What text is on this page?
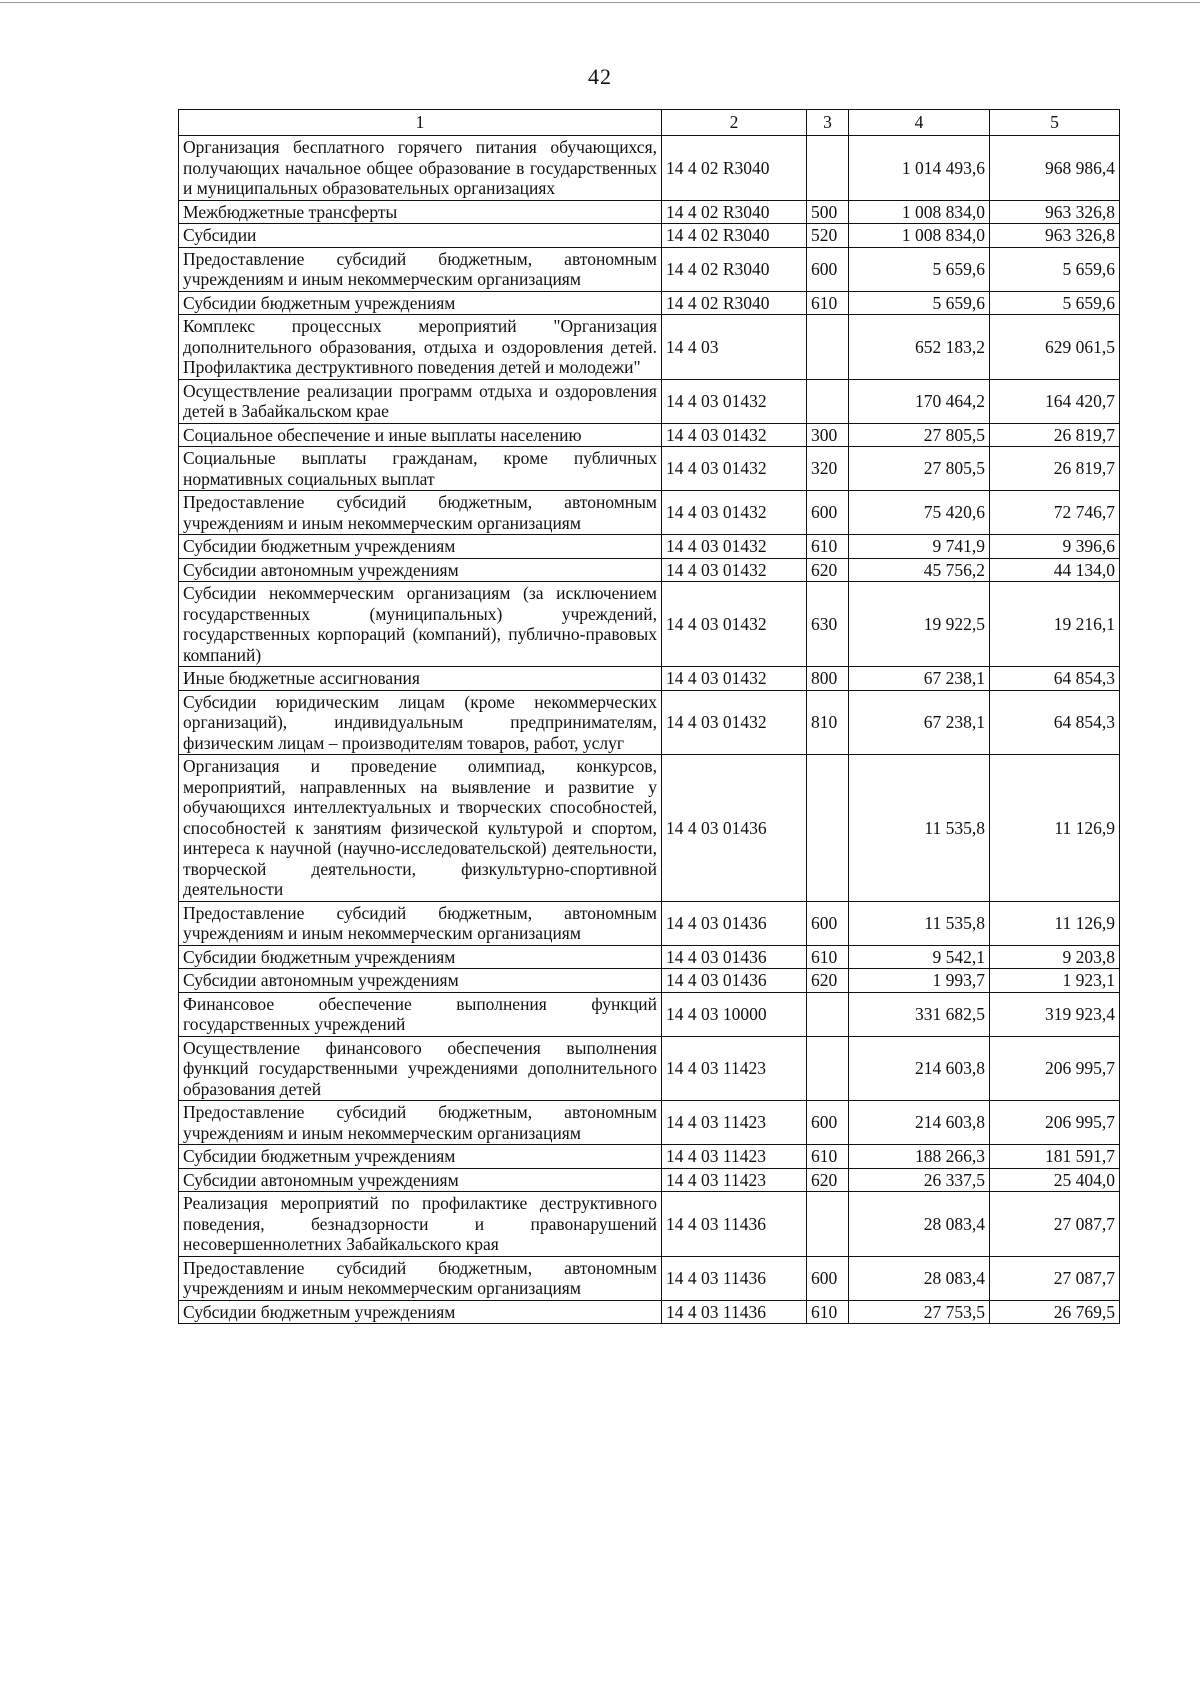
42
1	2	3	4	5
Организация бесплатного горячего питания обучающихся, получающих начальное общее образование в государственных и муниципальных образовательных организациях	14 4 02 R3040		1 014 493,6	968 986,4
Межбюджетные трансферты	14 4 02 R3040	500	1 008 834,0	963 326,8
Субсидии	14 4 02 R3040	520	1 008 834,0	963 326,8
Предоставление субсидий бюджетным, автономным учреждениям и иным некоммерческим организациям	14 4 02 R3040	600	5 659,6	5 659,6
Субсидии бюджетным учреждениям	14 4 02 R3040	610	5 659,6	5 659,6
Комплекс процессных мероприятий "Организация дополнительного образования, отдыха и оздоровления детей. Профилактика деструктивного поведения детей и молодежи"	14 4 03		652 183,2	629 061,5
Осуществление реализации программ отдыха и оздоровления детей в Забайкальском крае	14 4 03 01432		170 464,2	164 420,7
Социальное обеспечение и иные выплаты населению	14 4 03 01432	300	27 805,5	26 819,7
Социальные выплаты гражданам, кроме публичных нормативных социальных выплат	14 4 03 01432	320	27 805,5	26 819,7
Предоставление субсидий бюджетным, автономным учреждениям и иным некоммерческим организациям	14 4 03 01432	600	75 420,6	72 746,7
Субсидии бюджетным учреждениям	14 4 03 01432	610	9 741,9	9 396,6
Субсидии автономным учреждениям	14 4 03 01432	620	45 756,2	44 134,0
Субсидии некоммерческим организациям (за исключением государственных (муниципальных) учреждений, государственных корпораций (компаний), публично-правовых компаний)	14 4 03 01432	630	19 922,5	19 216,1
Иные бюджетные ассигнования	14 4 03 01432	800	67 238,1	64 854,3
Субсидии юридическим лицам (кроме некоммерческих организаций), индивидуальным предпринимателям, физическим лицам – производителям товаров, работ, услуг	14 4 03 01432	810	67 238,1	64 854,3
Организация и проведение олимпиад, конкурсов, мероприятий, направленных на выявление и развитие у обучающихся интеллектуальных и творческих способностей, способностей к занятиям физической культурой и спортом, интереса к научной (научно-исследовательской) деятельности, творческой деятельности, физкультурно-спортивной деятельности	14 4 03 01436		11 535,8	11 126,9
Предоставление субсидий бюджетным, автономным учреждениям и иным некоммерческим организациям	14 4 03 01436	600	11 535,8	11 126,9
Субсидии бюджетным учреждениям	14 4 03 01436	610	9 542,1	9 203,8
Субсидии автономным учреждениям	14 4 03 01436	620	1 993,7	1 923,1
Финансовое обеспечение выполнения функций государственных учреждений	14 4 03 10000		331 682,5	319 923,4
Осуществление финансового обеспечения выполнения функций государственными учреждениями дополнительного образования детей	14 4 03 11423		214 603,8	206 995,7
Предоставление субсидий бюджетным, автономным учреждениям и иным некоммерческим организациям	14 4 03 11423	600	214 603,8	206 995,7
Субсидии бюджетным учреждениям	14 4 03 11423	610	188 266,3	181 591,7
Субсидии автономным учреждениям	14 4 03 11423	620	26 337,5	25 404,0
Реализация мероприятий по профилактике деструктивного поведения, безнадзорности и правонарушений несовершеннолетних Забайкальского края	14 4 03 11436		28 083,4	27 087,7
Предоставление субсидий бюджетным, автономным учреждениям и иным некоммерческим организациям	14 4 03 11436	600	28 083,4	27 087,7
Субсидии бюджетным учреждениям	14 4 03 11436	610	27 753,5	26 769,5
